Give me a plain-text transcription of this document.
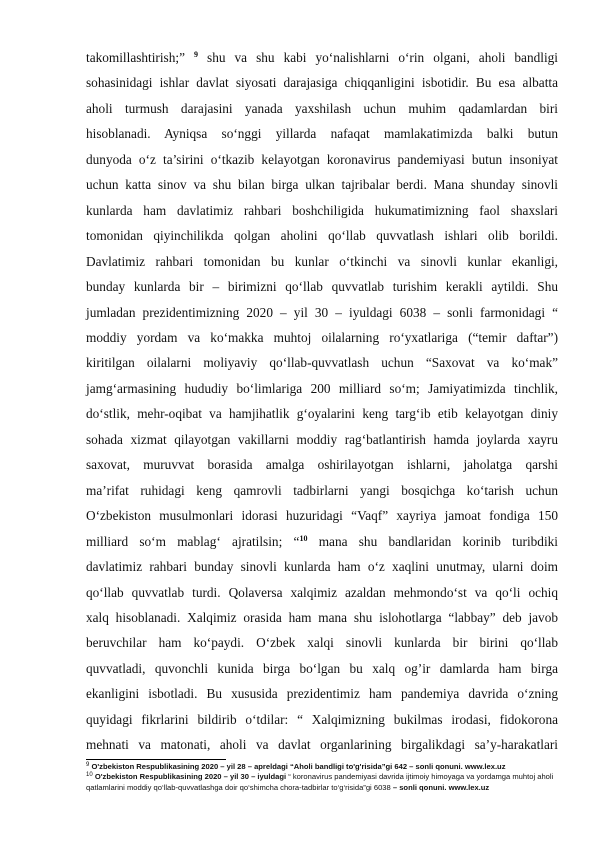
takomillashtirish;” $^9$ shu va shu kabi yo‘nalishlarni o‘rin olgani, aholi bandligi

sohasinidagi ishlar davlat siyosati darajasiga chiqqanligini isbotidir. Bu esa albatta

aholi turmush darajasini yanada yaxshilash uchun muhim qadamlardan biri

hisoblanadi. Ayniqsa so‘nggi yillarda nafaqat mamlakatimizda balki butun

dunyoda o‘z ta’sirini o‘tkazib kelayotgan koronavirus pandemiyasi butun insoniyat

uchun katta sinov va shu bilan birga ulkan tajribalar berdi. Mana shunday sinovli

kunlarda ham davlatimiz rahbari boshchiligida hukumatimizning faol shaxslari

tomonidan qiyinchilikda qolgan aholini qo‘llab quvvatlash ishlari olib borildi.

Davlatimiz rahbari tomonidan bu kunlar o‘tkinchi va sinovli kunlar ekanligi,

bunday kunlarda bir – birimizni qo‘llab quvvatlab turishim kerakli aytildi. Shu

jumladan prezidentimizning 2020 – yil 30 – iyuldagi 6038 – sonli farmonidagi “

moddiy yordam va ko‘makka muhtoj oilalarning ro‘yxatlariga (“temir daftar”)

kiritilgan oilalarni moliyaviy qo‘llab-quvvatlash uchun “Saxovat va ko‘mak”

jamg‘armasining hududiy bo‘limlariga 200 milliard so‘m; Jamiyatimizda tinchlik,

do‘stlik, mehr-oqibat va hamjihatlik g‘oyalarini keng targ‘ib etib kelayotgan diniy

sohada xizmat qilayotgan vakillarni moddiy rag‘batlantirish hamda joylarda xayru

saxovat, muruvvat borasida amalga oshirilayotgan ishlarni, jaholatga qarshi

ma’rifat ruhidagi keng qamrovli tadbirlarni yangi bosqichga ko‘tarish uchun

O‘zbekiston musulmonlari idorasi huzuridagi “Vaqf” xayriya jamoat fondiga 150

milliard so‘m mablag‘ ajratilsin; “$^{10}$ mana shu bandlaridan korinib turibdiki

davlatimiz rahbari bunday sinovli kunlarda ham o‘z xaqlini unutmay, ularni doim

qo‘llab quvvatlab turdi. Qolaversa xalqimiz azaldan mehmondo‘st va qo‘li ochiq

xalq hisoblanadi. Xalqimiz orasida ham mana shu islohotlarga “labbay” deb javob

beruvchilar ham ko‘paydi. O‘zbek xalqi sinovli kunlarda bir birini qo‘llab

quvvatladi, quvonchli kunida birga bo‘lgan bu xalq og’ir damlarda ham birga

ekanligini isbotladi. Bu xususida prezidentimiz ham pandemiya davrida o‘zning

quyidagi fikrlarini bildirib o‘tdilar: “ Xalqimizning bukilmas irodasi, fidokorona

mehnati va matonati, aholi va davlat organlarining birgalikdagi sa’y-harakatlari

$^9$ O'zbekiston Respublikasining 2020 – yil 28 – apreldagi “Aholi bandligi to'g'risida”gi 642 – sonli qonuni. www.lex.uz

$^{10}$ O'zbekiston Respublikasining 2020 – yil 30 – iyuldagi “ koronavirus pandemiyasi davrida ijtimoiy himoyaga va yordamga muhtoj aholi qatlamlarini moddiy qo‘llab-quvvatlashga doir qo‘shimcha chora-tadbirlar to‘g‘risida”gi 6038 – sonli qonuni. www.lex.uz
